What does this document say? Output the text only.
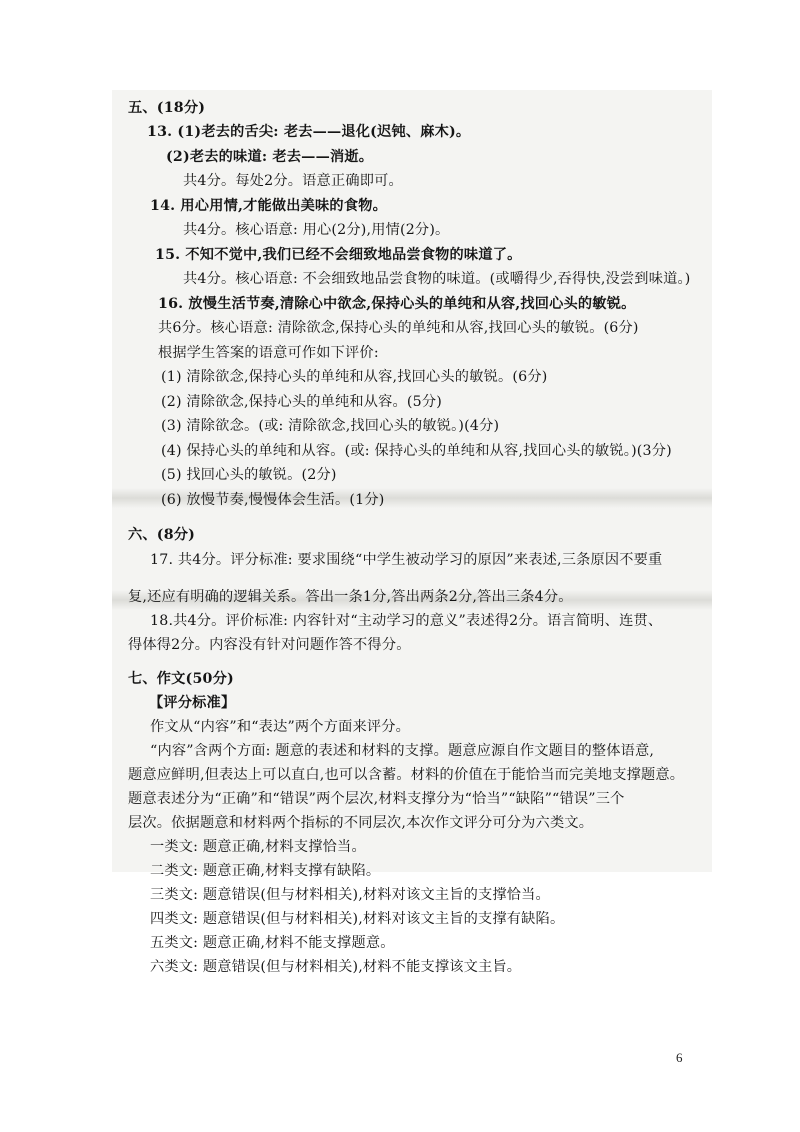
五、(18分)
13. (1)老去的舌尖: 老去——退化(迟钝、麻木)。
(2)老去的味道: 老去——消逝。
共4分。每处2分。语意正确即可。
14. 用心用情,才能做出美味的食物。
共4分。核心语意: 用心(2分),用情(2分)。
15. 不知不觉中,我们已经不会细致地品尝食物的味道了。
共4分。核心语意: 不会细致地品尝食物的味道。(或嚼得少,吞得快,没尝到味道。)
16. 放慢生活节奏,清除心中欲念,保持心头的单纯和从容,找回心头的敏锐。
共6分。核心语意: 清除欲念,保持心头的单纯和从容,找回心头的敏锐。(6分)
根据学生答案的语意可作如下评价:
(1) 清除欲念,保持心头的单纯和从容,找回心头的敏锐。(6分)
(2) 清除欲念,保持心头的单纯和从容。(5分)
(3) 清除欲念。(或: 清除欲念,找回心头的敏锐。)(4分)
(4) 保持心头的单纯和从容。(或: 保持心头的单纯和从容,找回心头的敏锐。)(3分)
(5) 找回心头的敏锐。(2分)
(6) 放慢节奏,慢慢体会生活。(1分)
六、(8分)
17. 共4分。评分标准: 要求围绕“中学生被动学习的原因”来表述,三条原因不要重
复,还应有明确的逻辑关系。答出一条1分,答出两条2分,答出三条4分。
18.共4分。评价标准: 内容针对“主动学习的意义”表述得2分。语言简明、连贯、
得体得2分。内容没有针对问题作答不得分。
七、作文(50分)
【评分标准】
作文从“内容”和“表达”两个方面来评分。
“内容”含两个方面: 题意的表述和材料的支撑。题意应源自作文题目的整体语意,
题意应鲜明,但表达上可以直白,也可以含蓄。材料的价值在于能恰当而完美地支撑题意。
题意表述分为“正确”和“错误”两个层次,材料支撑分为“恰当”“缺陷”“错误”三个
层次。依据题意和材料两个指标的不同层次,本次作文评分可分为六类文。
一类文: 题意正确,材料支撑恰当。
二类文: 题意正确,材料支撑有缺陷。
三类文: 题意错误(但与材料相关),材料对该文主旨的支撑恰当。
四类文: 题意错误(但与材料相关),材料对该文主旨的支撑有缺陷。
五类文: 题意正确,材料不能支撑题意。
六类文: 题意错误(但与材料相关),材料不能支撑该文主旨。
6
